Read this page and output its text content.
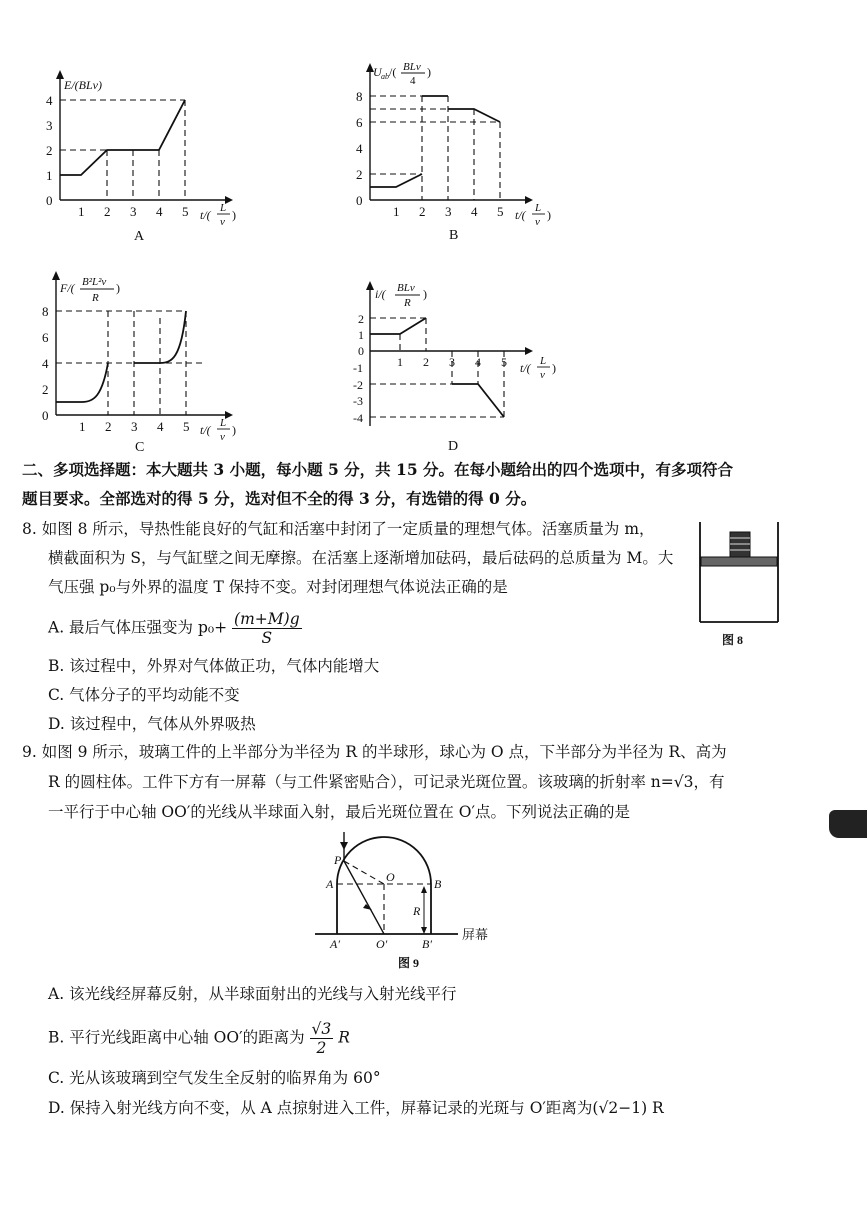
0
1
2
3
4
1 2 3 4 5
E/(BLv)
t/( L
v )
A
0
2
4
6
8
1 2 3 4 5
U ab /( BLv
4
)
t/( L
v )
B
0
2
4
6
8
1 2 3 4 5
F/( B²L²v
R
)
t/( L
v )
C
2
1
0
-1
-2
-3
-4
1 2 3 4 5
i/( BLv
R
)
t/( L
v )
D
二、多项选择题：本大题共 3 小题，每小题 5 分，共 15 分。在每小题给出的四个选项中，有多项符合
题目要求。全部选对的得 5 分，选对但不全的得 3 分，有选错的得 0 分。
8. 如图 8 所示，导热性能良好的气缸和活塞中封闭了一定质量的理想气体。活塞质量为 m，
横截面积为 S，与气缸壁之间无摩擦。在活塞上逐渐增加砝码，最后砝码的总质量为 M。大
气压强 p₀与外界的温度 T 保持不变。对封闭理想气体说法正确的是
A. 最后气体压强变为 $p_0+ \frac{(m+M)g}{S}$
B. 该过程中，外界对气体做正功，气体内能增大
C. 气体分子的平均动能不变
D. 该过程中，气体从外界吸热
图 8
9. 如图 9 所示，玻璃工件的上半部分为半径为 R 的半球形，球心为 O 点，下半部分为半径为 R、高为
R 的圆柱体。工件下方有一屏幕（与工件紧密贴合），可记录光斑位置。该玻璃的折射率 n=√3，有
一平行于中心轴 OO′的光线从半球面入射，最后光斑位置在 O′点。下列说法正确的是
P
A	O	B
R
A′	O′	B′
屏幕
图 9
A. 该光线经屏幕反射，从半球面射出的光线与入射光线平行
B. 平行光线距离中心轴 OO′的距离为 $\frac{√3}{2}$ R
C. 光从该玻璃到空气发生全反射的临界角为 60°
D. 保持入射光线方向不变，从 A 点掠射进入工件，屏幕记录的光斑与 O′距离为(√2−1) R
